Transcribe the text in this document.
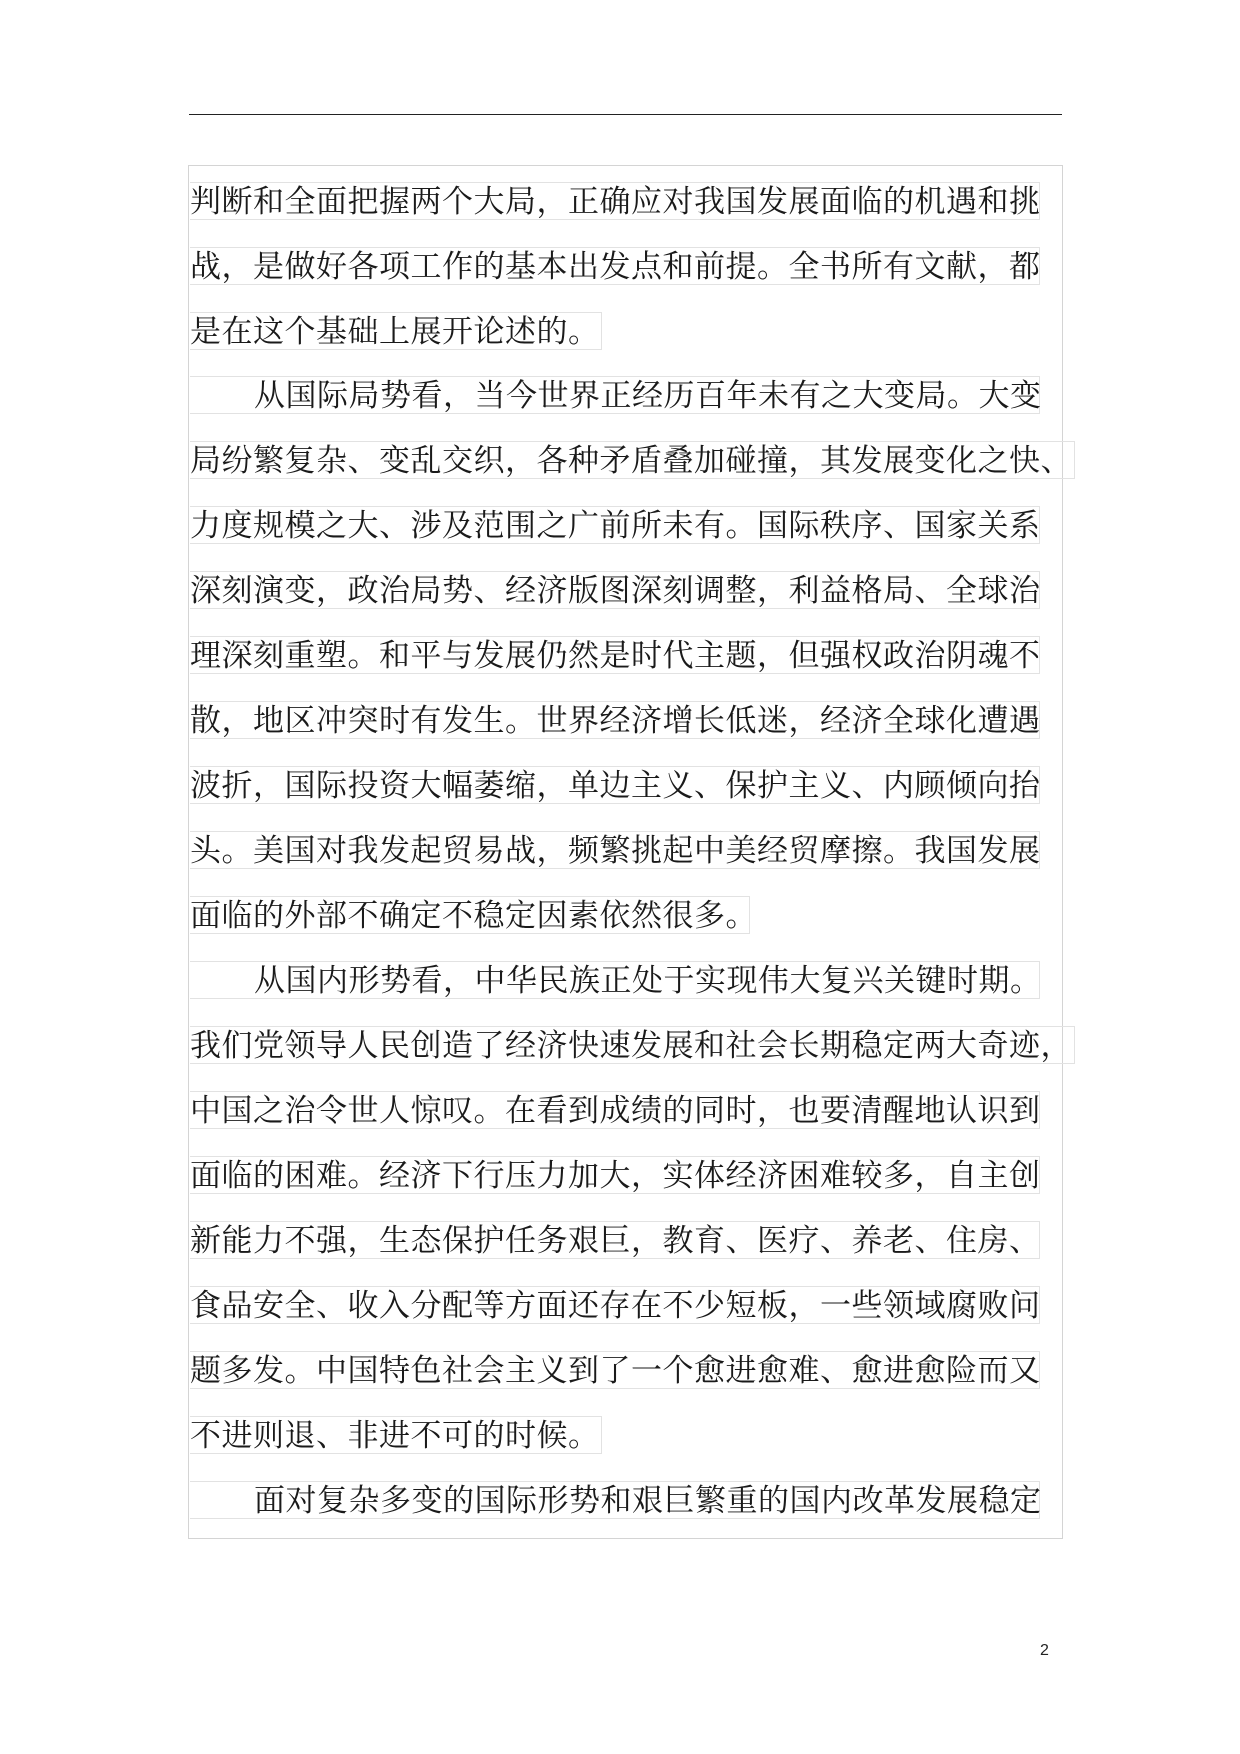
判断和全面把握两个大局，正确应对我国发展面临的机遇和挑
战，是做好各项工作的基本出发点和前提。全书所有文献，都
是在这个基础上展开论述的。
从国际局势看，当今世界正经历百年未有之大变局。大变
局纷繁复杂、变乱交织，各种矛盾叠加碰撞，其发展变化之快、
力度规模之大、涉及范围之广前所未有。国际秩序、国家关系
深刻演变，政治局势、经济版图深刻调整，利益格局、全球治
理深刻重塑。和平与发展仍然是时代主题，但强权政治阴魂不
散，地区冲突时有发生。世界经济增长低迷，经济全球化遭遇
波折，国际投资大幅萎缩，单边主义、保护主义、内顾倾向抬
头。美国对我发起贸易战，频繁挑起中美经贸摩擦。我国发展
面临的外部不确定不稳定因素依然很多。
从国内形势看，中华民族正处于实现伟大复兴关键时期。
我们党领导人民创造了经济快速发展和社会长期稳定两大奇迹，
中国之治令世人惊叹。在看到成绩的同时，也要清醒地认识到
面临的困难。经济下行压力加大，实体经济困难较多，自主创
新能力不强，生态保护任务艰巨，教育、医疗、养老、住房、
食品安全、收入分配等方面还存在不少短板，一些领域腐败问
题多发。中国特色社会主义到了一个愈进愈难、愈进愈险而又
不进则退、非进不可的时候。
面对复杂多变的国际形势和艰巨繁重的国内改革发展稳定
2
